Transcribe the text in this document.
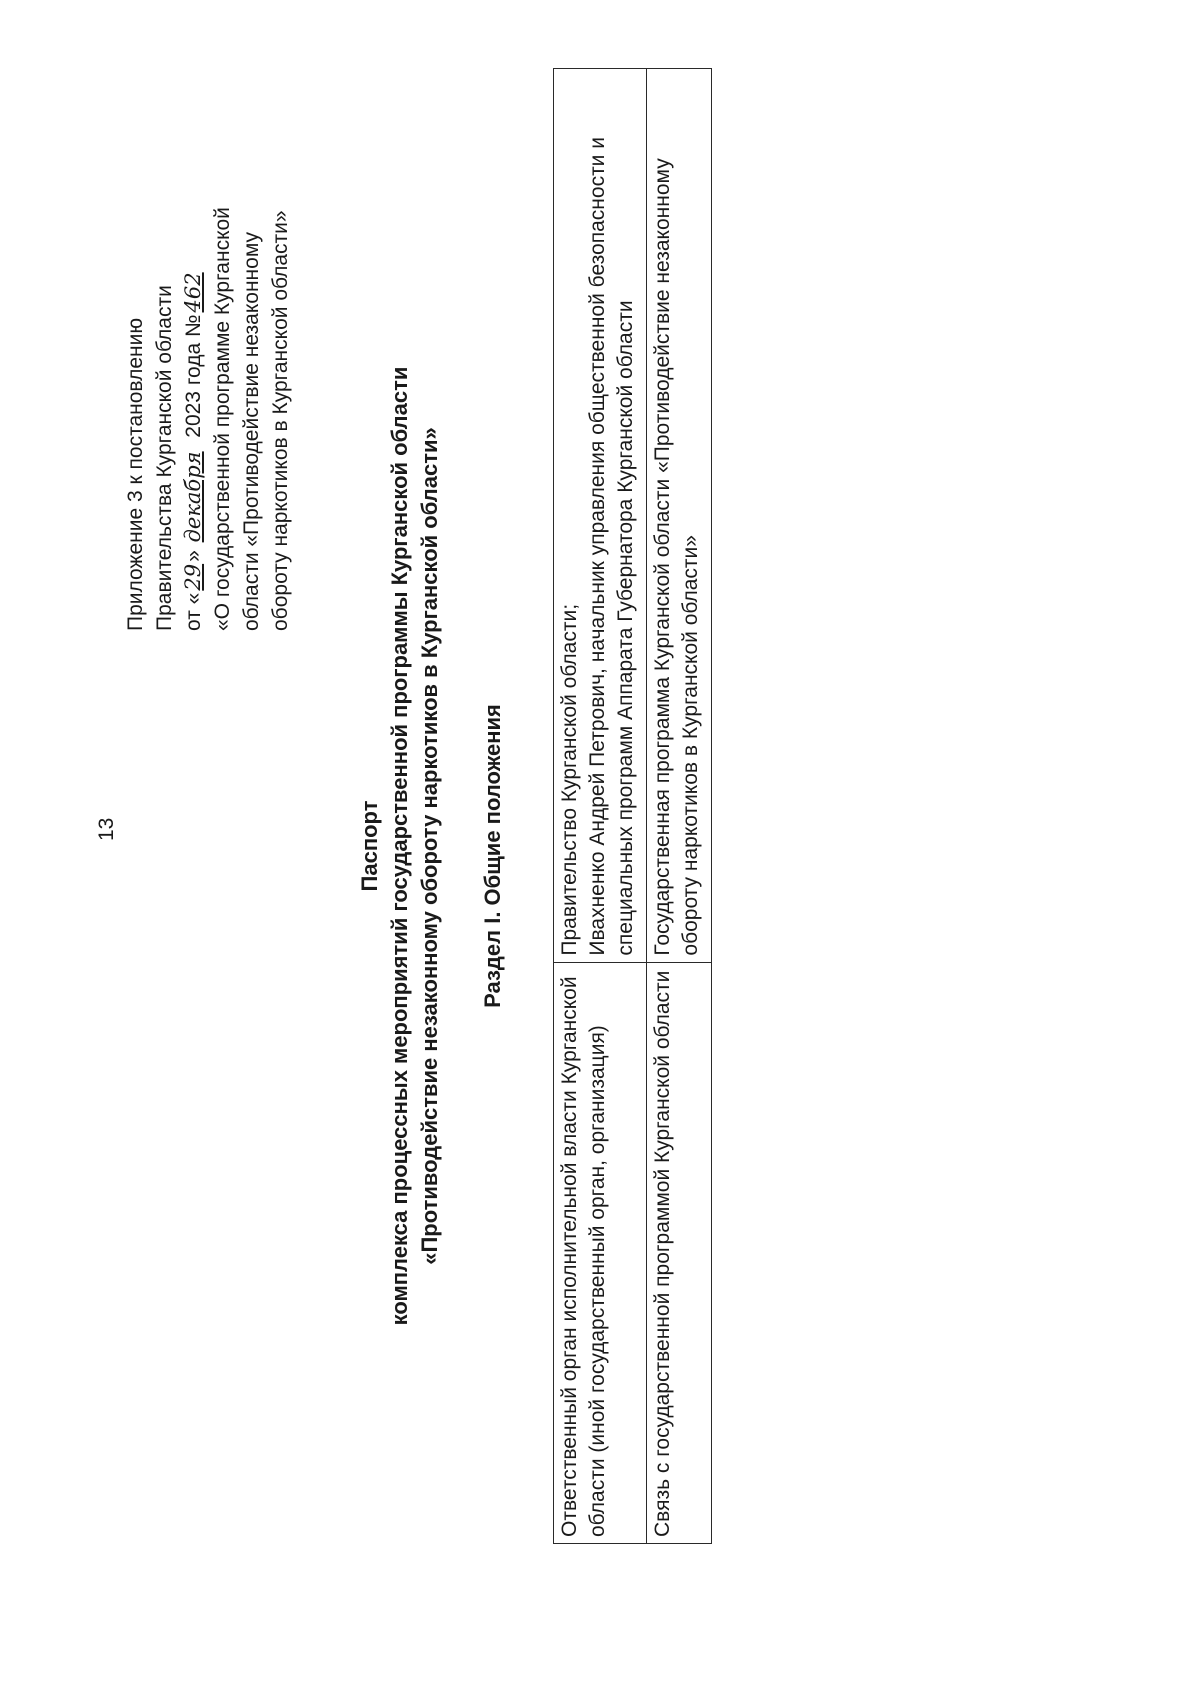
13
Приложение 3 к постановлению Правительства Курганской области от «29» декабря  2023 года №462 «О государственной программе Курганской области «Противодействие незаконному обороту наркотиков в Курганской области»
Паспорт комплекса процессных мероприятий государственной программы Курганской области «Противодействие незаконному обороту наркотиков в Курганской области» Раздел I. Общие положения
Ответственный орган исполнительной власти Курганской области (иной государственный орган, организация)	Правительство Курганской области; Ивахненко Андрей Петрович, начальник управления общественной безопасности и специальных программ Аппарата Губернатора Курганской области

Связь с государственной программой Курганской области	Государственная программа Курганской области «Противодействие незаконному обороту наркотиков в Курганской области»
